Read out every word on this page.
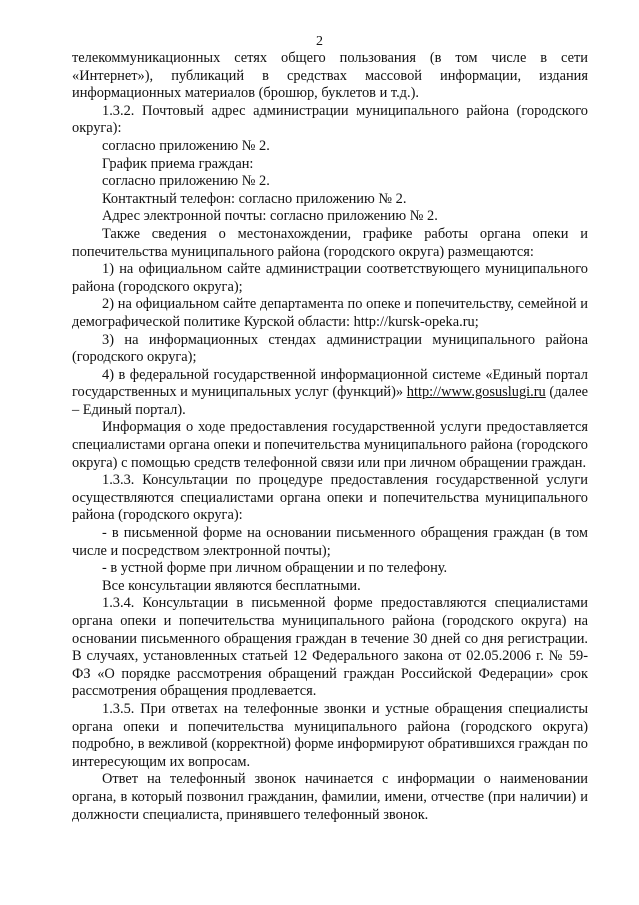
2

телекоммуникационных сетях общего пользования (в том числе в сети «Интернет»), публикаций в средствах массовой информации, издания информационных материалов (брошюр, буклетов и т.д.).

1.3.2. Почтовый адрес администрации муниципального района (городского округа):

согласно приложению № 2.

График приема граждан:

согласно приложению № 2.

Контактный телефон: согласно приложению № 2.

Адрес электронной почты: согласно приложению № 2.

Также сведения о местонахождении, графике работы органа опеки и попечительства муниципального района (городского округа) размещаются:

1) на официальном сайте администрации соответствующего муниципального района (городского округа);

2) на официальном сайте департамента по опеке и попечительству, семейной и демографической политике Курской области: http://kursk-opeka.ru;

3) на информационных стендах администрации муниципального района (городского округа);

4) в федеральной государственной информационной системе «Единый портал государственных и муниципальных услуг (функций)» http://www.gosuslugi.ru (далее – Единый портал).

Информация о ходе предоставления государственной услуги предоставляется специалистами органа опеки и попечительства муниципального района (городского округа) с помощью средств телефонной связи или при личном обращении граждан.

1.3.3. Консультации по процедуре предоставления государственной услуги осуществляются специалистами органа опеки и попечительства муниципального района (городского округа):

- в письменной форме на основании письменного обращения граждан (в том числе и посредством электронной почты);

- в устной форме при личном обращении и по телефону.

Все консультации являются бесплатными.

1.3.4. Консультации в письменной форме предоставляются специалистами органа опеки и попечительства муниципального района (городского округа) на основании письменного обращения граждан в течение 30 дней со дня регистрации. В случаях, установленных статьей 12 Федерального закона от 02.05.2006 г. № 59-ФЗ «О порядке рассмотрения обращений граждан Российской Федерации» срок рассмотрения обращения продлевается.

1.3.5. При ответах на телефонные звонки и устные обращения специалисты органа опеки и попечительства муниципального района (городского округа) подробно, в вежливой (корректной) форме информируют обратившихся граждан по интересующим их вопросам.

Ответ на телефонный звонок начинается с информации о наименовании органа, в который позвонил гражданин, фамилии, имени, отчестве (при наличии) и должности специалиста, принявшего телефонный звонок.
